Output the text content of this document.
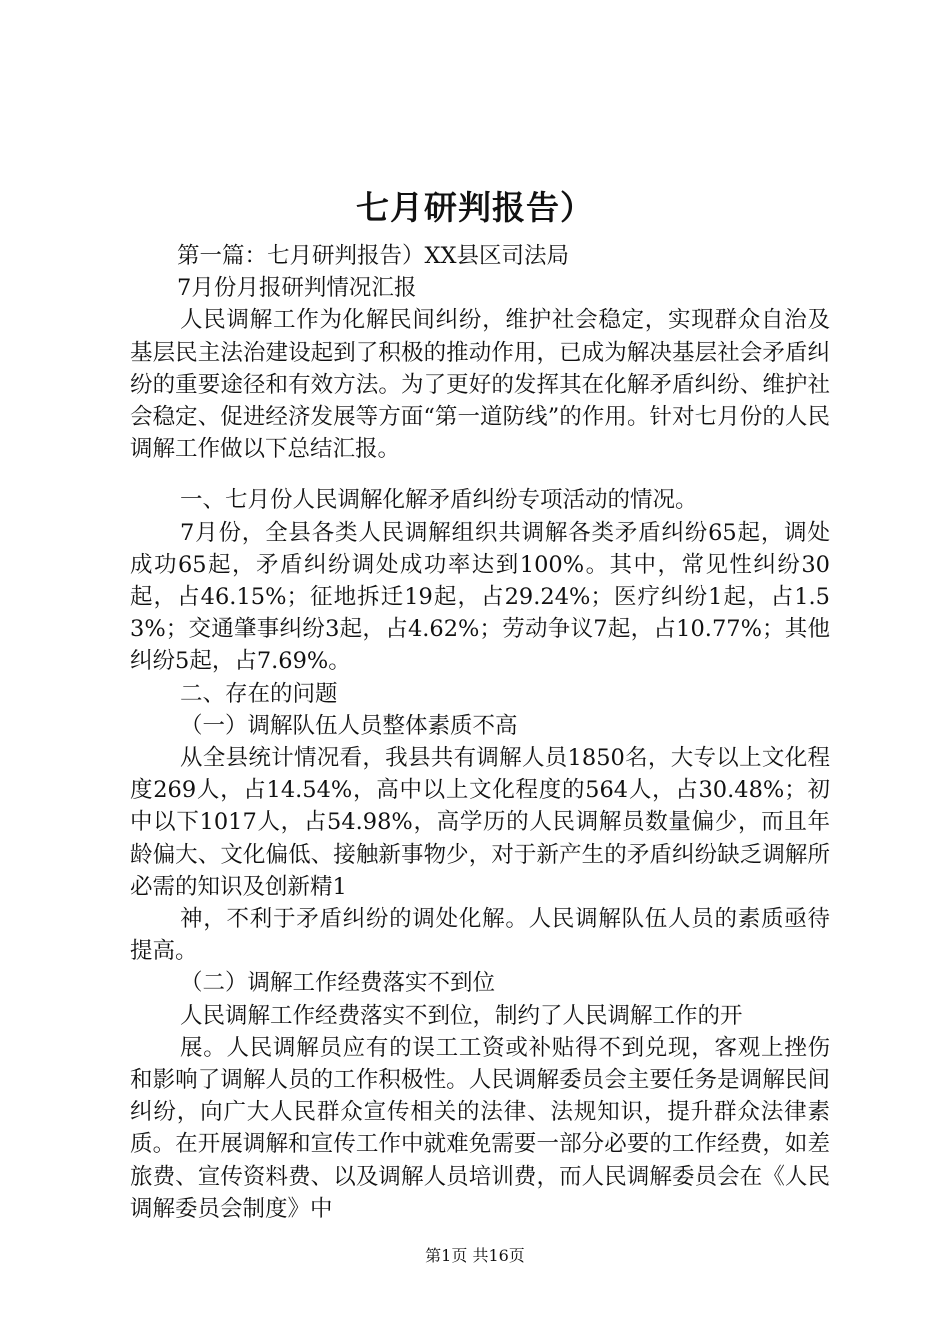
七月研判报告）

第一篇：七月研判报告）XX县区司法局

7月份月报研判情况汇报

人民调解工作为化解民间纠纷，维护社会稳定，实现群众自治及基层民主法治建设起到了积极的推动作用，已成为解决基层社会矛盾纠纷的重要途径和有效方法。为了更好的发挥其在化解矛盾纠纷、维护社会稳定、促进经济发展等方面“第一道防线”的作用。针对七月份的人民调解工作做以下总结汇报。

一、七月份人民调解化解矛盾纠纷专项活动的情况。

7月份，全县各类人民调解组织共调解各类矛盾纠纷65起，调处成功65起，矛盾纠纷调处成功率达到100%。其中，常见性纠纷30起，占46.15%；征地拆迁19起，占29.24%；医疗纠纷1起，占1.53%；交通肇事纠纷3起，占4.62%；劳动争议7起，占10.77%；其他纠纷5起，占7.69%。

二、存在的问题

（一）调解队伍人员整体素质不高

从全县统计情况看，我县共有调解人员1850名，大专以上文化程度269人，占14.54%，高中以上文化程度的564人，占30.48%；初中以下1017人，占54.98%，高学历的人民调解员数量偏少，而且年龄偏大、文化偏低、接触新事物少，对于新产生的矛盾纠纷缺乏调解所必需的知识及创新精1

神，不利于矛盾纠纷的调处化解。人民调解队伍人员的素质亟待提高。

（二）调解工作经费落实不到位

人民调解工作经费落实不到位，制约了人民调解工作的开

展。人民调解员应有的误工工资或补贴得不到兑现，客观上挫伤和影响了调解人员的工作积极性。人民调解委员会主要任务是调解民间纠纷，向广大人民群众宣传相关的法律、法规知识，提升群众法律素质。在开展调解和宣传工作中就难免需要一部分必要的工作经费，如差旅费、宣传资料费、以及调解人员培训费，而人民调解委员会在《人民调解委员会制度》中

第1页 共16页
